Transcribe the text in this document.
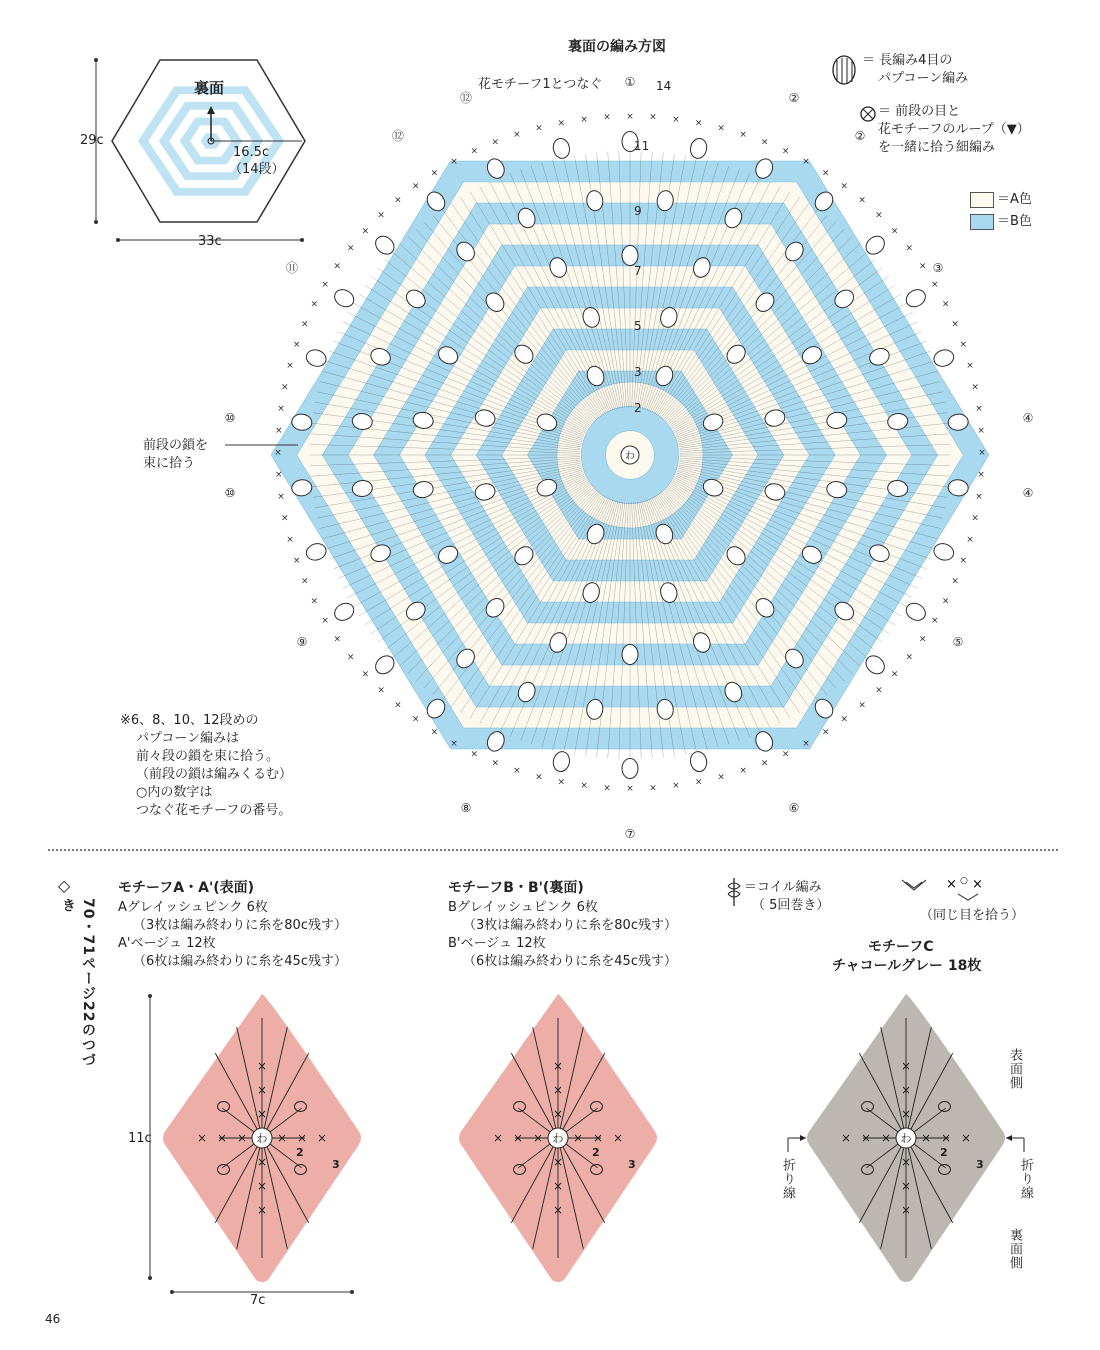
裏面
29c
33c
16.5c
（14段）
裏面の編み方図
花モチーフ1とつなぐ	14
×
×
×
×
×
×
×
×
×
×
×
×
×
×
×
×
×
×
×
×
×
×
×
×
×
×
×
×
×
×
×
×
×
×
×
×
×
×
×
×
×
×
×
×
×
×
×
×
×
×
×
×
×
×
×
×
×
×
×
×
×
×
×
×
×
×
×
×
× × × × × × × × ×
×
×
×
×
×
×
×
×
×
×
×
×
×
×
×
×
×
×
×
わ
2
3
5
7
9
11
①
②
②
③
④
④
⑤
⑥
⑦
⑧
⑨
⑩
⑩
⑪
⑫
⑫
前段の鎖を
束に拾う
＝ 長編み4目の
パプコーン編み
＝ 前段の目と
花モチーフのループ（▼）
を一緒に拾う細編み
＝A色
＝B色
※6、8、10、12段めの
パプコーン編みは
前々段の鎖を束に拾う。
（前段の鎖は編みくるむ）
○内の数字は
つなぐ花モチーフの番号。
◇
70・71ページ22のつづき
モチーフA・A'(表面)
Aグレイッシュピンク 6枚
（3枚は編み終わりに糸を80c残す）
A'ベージュ 12枚
（6枚は編み終わりに糸を45c残す）
×
×
×
×
×
×
×
×
×	× × ×
わ
2
3
11c
7c
モチーフB・B'(裏面)
Bグレイッシュピンク 6枚
（3枚は編み終わりに糸を80c残す）
B'ベージュ 12枚
（6枚は編み終わりに糸を45c残す）
×
×
×
×
×
×
×
×
×	× × ×
わ
2
3
＝コイル編み
（ 5回巻き）
× ○ ×
（同じ目を拾う）
モチーフC
チャコールグレー 18枚
×
×
×
×
×
×
×
×
×	× × ×
わ
2
3
表面側
裏面側
折り線	折り線
46
